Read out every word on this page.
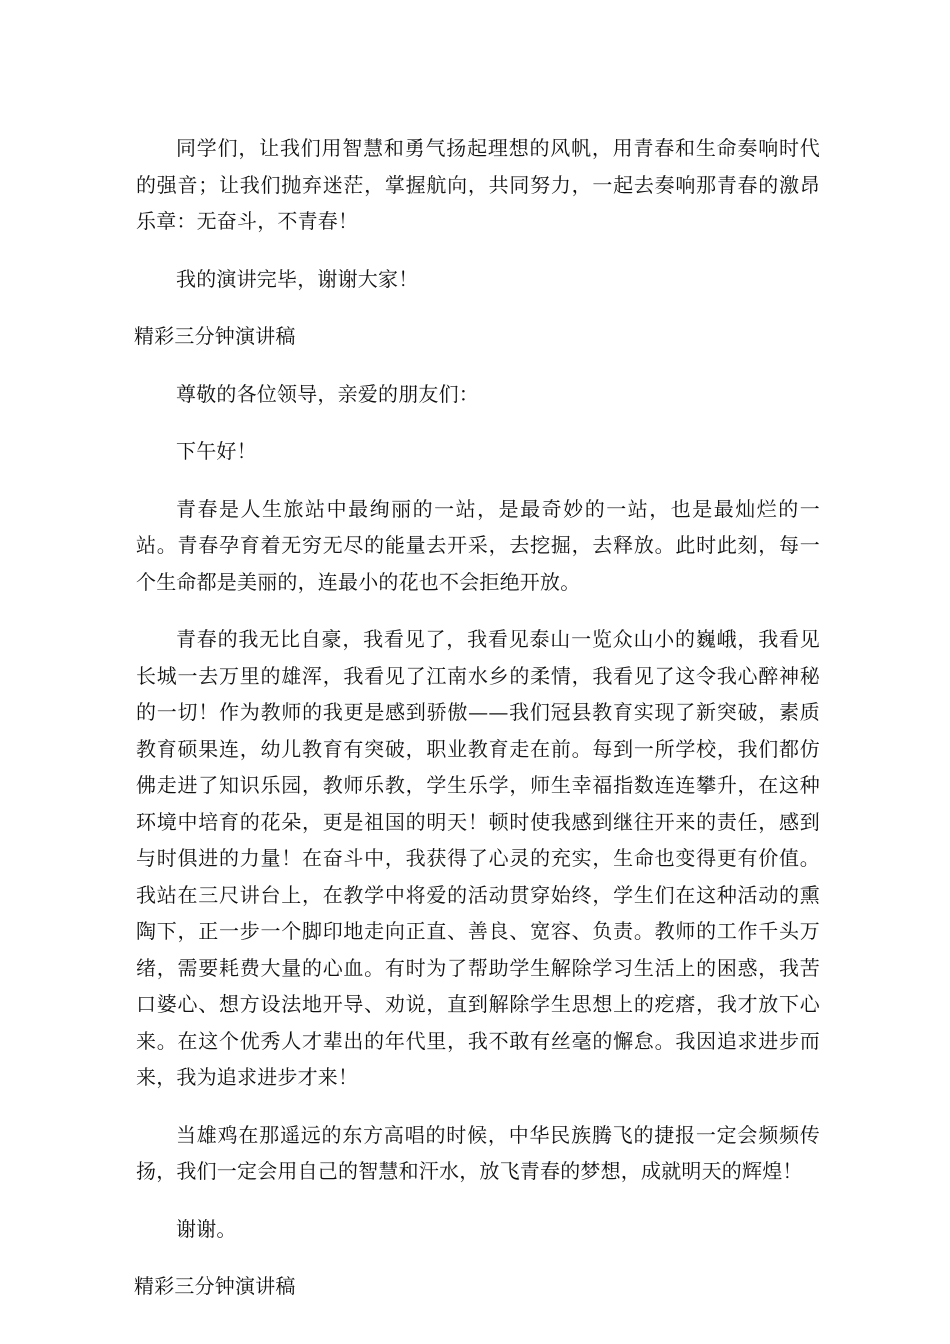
同学们，让我们用智慧和勇气扬起理想的风帆，用青春和生命奏响时代的强音；让我们抛弃迷茫，掌握航向，共同努力，一起去奏响那青春的激昂乐章：无奋斗，不青春！

我的演讲完毕，谢谢大家！

精彩三分钟演讲稿

尊敬的各位领导，亲爱的朋友们：

下午好！

青春是人生旅站中最绚丽的一站，是最奇妙的一站，也是最灿烂的一站。青春孕育着无穷无尽的能量去开采，去挖掘，去释放。此时此刻，每一个生命都是美丽的，连最小的花也不会拒绝开放。

青春的我无比自豪，我看见了，我看见泰山一览众山小的巍峨，我看见长城一去万里的雄浑，我看见了江南水乡的柔情，我看见了这令我心醉神秘的一切！作为教师的我更是感到骄傲——我们冠县教育实现了新突破，素质教育硕果连，幼儿教育有突破，职业教育走在前。每到一所学校，我们都仿佛走进了知识乐园，教师乐教，学生乐学，师生幸福指数连连攀升，在这种环境中培育的花朵，更是祖国的明天！顿时使我感到继往开来的责任，感到与时俱进的力量！在奋斗中，我获得了心灵的充实，生命也变得更有价值。我站在三尺讲台上，在教学中将爱的活动贯穿始终，学生们在这种活动的熏陶下，正一步一个脚印地走向正直、善良、宽容、负责。教师的工作千头万绪，需要耗费大量的心血。有时为了帮助学生解除学习生活上的困惑，我苦口婆心、想方设法地开导、劝说，直到解除学生思想上的疙瘩，我才放下心来。在这个优秀人才辈出的年代里，我不敢有丝毫的懈怠。我因追求进步而来，我为追求进步才来！

当雄鸡在那遥远的东方高唱的时候，中华民族腾飞的捷报一定会频频传扬，我们一定会用自己的智慧和汗水，放飞青春的梦想，成就明天的辉煌！

谢谢。

精彩三分钟演讲稿
